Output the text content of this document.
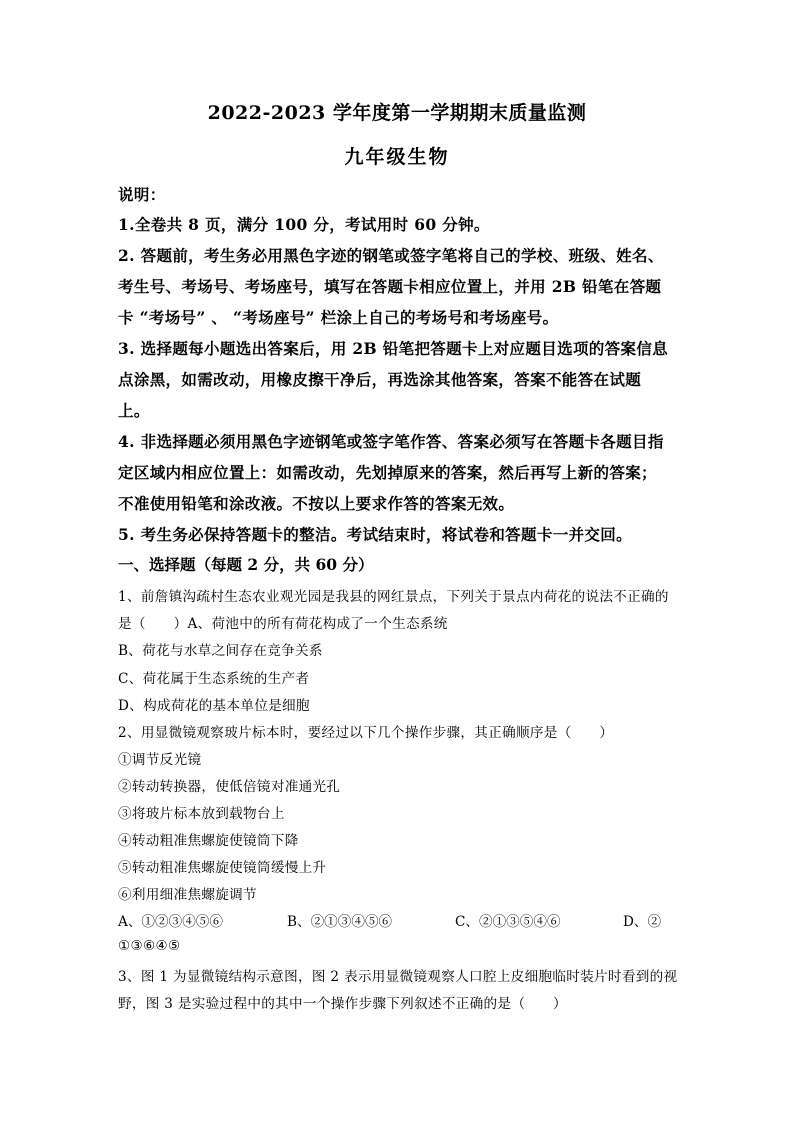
2022-2023 学年度第一学期期末质量监测
九年级生物
说明：
1.全卷共 8 页，满分 100 分，考试用时 60 分钟。
2. 答题前，考生务必用黑色字迹的钢笔或签字笔将自己的学校、班级、姓名、
考生号、考场号、考场座号，填写在答题卡相应位置上，并用 2B 铅笔在答题
卡 “考场号” 、 “考场座号” 栏涂上自己的考场号和考场座号。
3. 选择题每小题选出答案后，用 2B 铅笔把答题卡上对应题目选项的答案信息
点涂黑，如需改动，用橡皮擦干净后，再选涂其他答案，答案不能答在试题
上。
4. 非选择题必须用黑色字迹钢笔或签字笔作答、答案必须写在答题卡各题目指
定区域内相应位置上：如需改动，先划掉原来的答案，然后再写上新的答案；
不准使用铅笔和涂改液。不按以上要求作答的答案无效。
5. 考生务必保持答题卡的整洁。考试结束时，将试卷和答题卡一并交回。
一、选择题（每题 2 分，共 60 分）
1、前詹镇沟疏村生态农业观光园是我县的网红景点，下列关于景点内荷花的说法不正确的
是（　　）A、荷池中的所有荷花构成了一个生态系统
B、荷花与水草之间存在竞争关系
C、荷花属于生态系统的生产者
D、构成荷花的基本单位是细胞
2、用显微镜观察玻片标本时，要经过以下几个操作步骤，其正确顺序是（　　）
①调节反光镜
②转动转换器，使低倍镜对准通光孔
③将玻片标本放到载物台上
④转动粗准焦螺旋使镜筒下降
⑤转动粗准焦螺旋使镜筒缓慢上升
⑥利用细准焦螺旋调节
A、①②③④⑤⑥	B、②①③④⑤⑥	C、②①③⑤④⑥	D、②
①③⑥④⑤
3、图 1 为显微镜结构示意图，图 2 表示用显微镜观察人口腔上皮细胞临时装片时看到的视
野，图 3 是实验过程中的其中一个操作步骤下列叙述不正确的是（　　）
